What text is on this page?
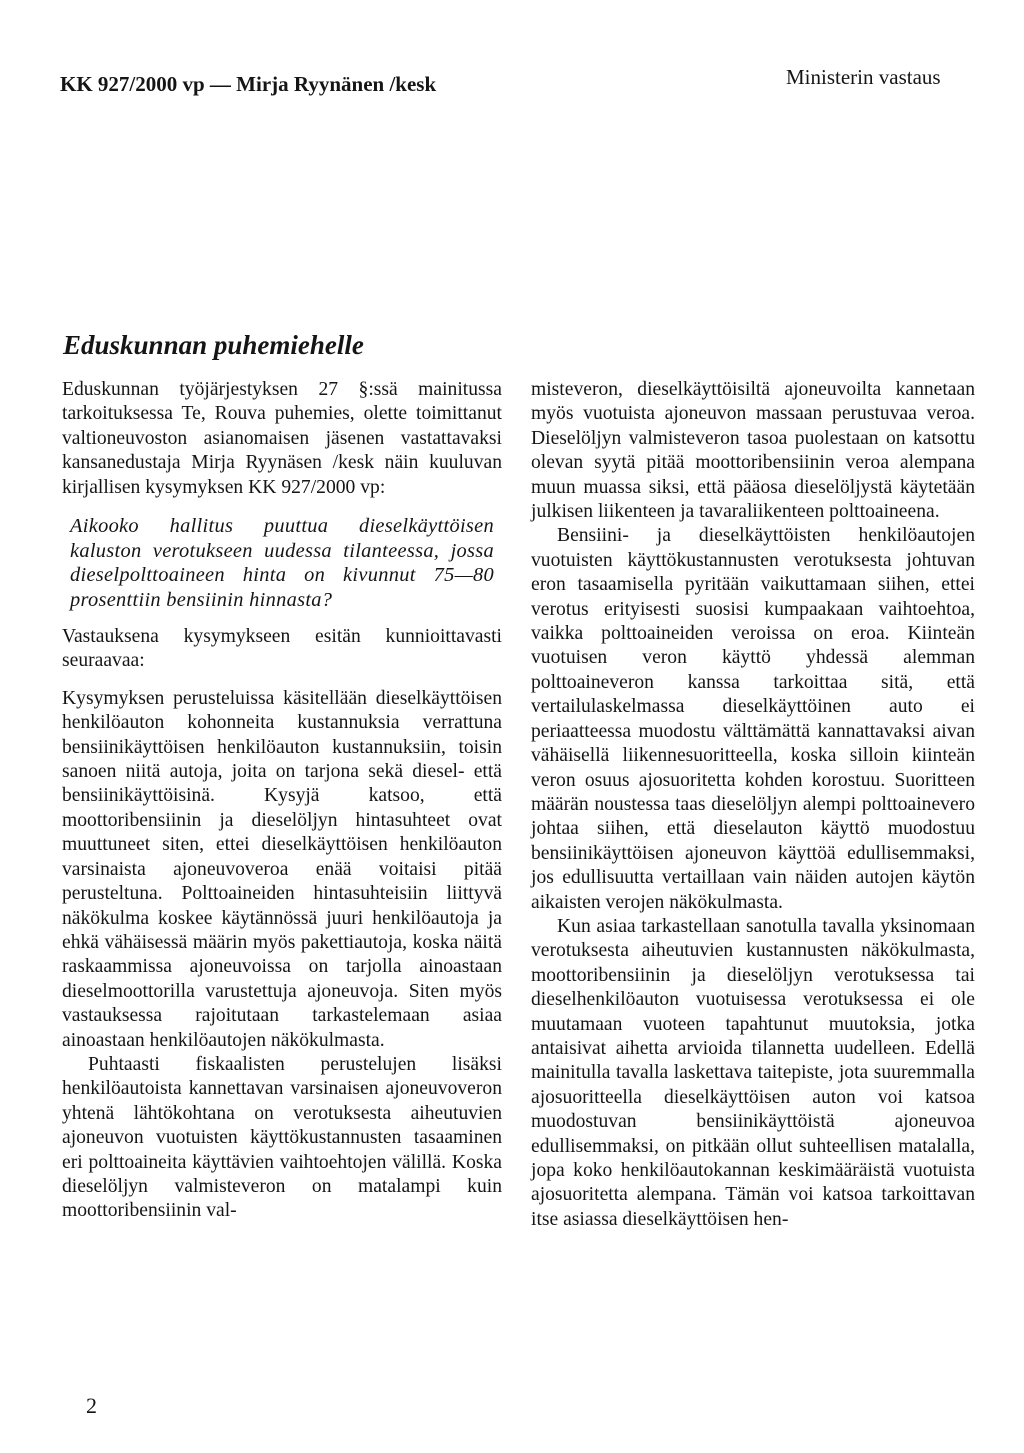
KK 927/2000 vp — Mirja Ryynänen /kesk	Ministerin vastaus
Eduskunnan puhemiehelle

Eduskunnan työjärjestyksen 27 §:ssä mainitussa tarkoituksessa Te, Rouva puhemies, olette toimittanut valtioneuvoston asianomaisen jäsenen vastattavaksi kansanedustaja Mirja Ryynäsen /kesk näin kuuluvan kirjallisen kysymyksen KK 927/2000 vp:

Aikooko hallitus puuttua dieselkäyttöisen kaluston verotukseen uudessa tilanteessa, jossa dieselpolttoaineen hinta on kivunnut 75—80 prosenttiin bensiinin hinnasta?

Vastauksena kysymykseen esitän kunnioittavasti seuraavaa:

Kysymyksen perusteluissa käsitellään dieselkäyttöisen henkilöauton kohonneita kustannuksia verrattuna bensiinikäyttöisen henkilöauton kustannuksiin, toisin sanoen niitä autoja, joita on tarjona sekä diesel- että bensiinikäyttöisinä. Kysyjä katsoo, että moottoribensiinin ja dieselöljyn hintasuhteet ovat muuttuneet siten, ettei dieselkäyttöisen henkilöauton varsinaista ajoneuvoveroa enää voitaisi pitää perusteltuna. Polttoaineiden hintasuhteisiin liittyvä näkökulma koskee käytännössä juuri henkilöautoja ja ehkä vähäisessä määrin myös pakettiautoja, koska näitä raskaammissa ajoneuvoissa on tarjolla ainoastaan dieselmoottorilla varustettuja ajoneuvoja. Siten myös vastauksessa rajoitutaan tarkastelemaan asiaa ainoastaan henkilöautojen näkökulmasta.

Puhtaasti fiskaalisten perustelujen lisäksi henkilöautoista kannettavan varsinaisen ajoneuvoveron yhtenä lähtökohtana on verotuksesta aiheutuvien ajoneuvon vuotuisten käyttökustannusten tasaaminen eri polttoaineita käyttävien vaihtoehtojen välillä. Koska dieselöljyn valmisteveron on matalampi kuin moottoribensiinin val-

misteveron, dieselkäyttöisiltä ajoneuvoilta kannetaan myös vuotuista ajoneuvon massaan perustuvaa veroa. Dieselöljyn valmisteveron tasoa puolestaan on katsottu olevan syytä pitää moottoribensiinin veroa alempana muun muassa siksi, että pääosa dieselöljystä käytetään julkisen liikenteen ja tavaraliikenteen polttoaineena.

Bensiini- ja dieselkäyttöisten henkilöautojen vuotuisten käyttökustannusten verotuksesta johtuvan eron tasaamisella pyritään vaikuttamaan siihen, ettei verotus erityisesti suosisi kumpaakaan vaihtoehtoa, vaikka polttoaineiden veroissa on eroa. Kiinteän vuotuisen veron käyttö yhdessä alemman polttoaineveron kanssa tarkoittaa sitä, että vertailulaskelmassa dieselkäyttöinen auto ei periaatteessa muodostu välttämättä kannattavaksi aivan vähäisellä liikennesuoritteella, koska silloin kiinteän veron osuus ajosuoritetta kohden korostuu. Suoritteen määrän noustessa taas dieselöljyn alempi polttoainevero johtaa siihen, että dieselauton käyttö muodostuu bensiinikäyttöisen ajoneuvon käyttöä edullisemmaksi, jos edullisuutta vertaillaan vain näiden autojen käytön aikaisten verojen näkökulmasta.

Kun asiaa tarkastellaan sanotulla tavalla yksinomaan verotuksesta aiheutuvien kustannusten näkökulmasta, moottoribensiinin ja dieselöljyn verotuksessa tai dieselhenkilöauton vuotuisessa verotuksessa ei ole muutamaan vuoteen tapahtunut muutoksia, jotka antaisivat aihetta arvioida tilannetta uudelleen. Edellä mainitulla tavalla laskettava taitepiste, jota suuremmalla ajosuoritteella dieselkäyttöisen auton voi katsoa muodostuvan bensiinikäyttöistä ajoneuvoa edullisemmaksi, on pitkään ollut suhteellisen matalalla, jopa koko henkilöautokannan keskimääräistä vuotuista ajosuoritetta alempana. Tämän voi katsoa tarkoittavan itse asiassa dieselkäyttöisen hen-

2
